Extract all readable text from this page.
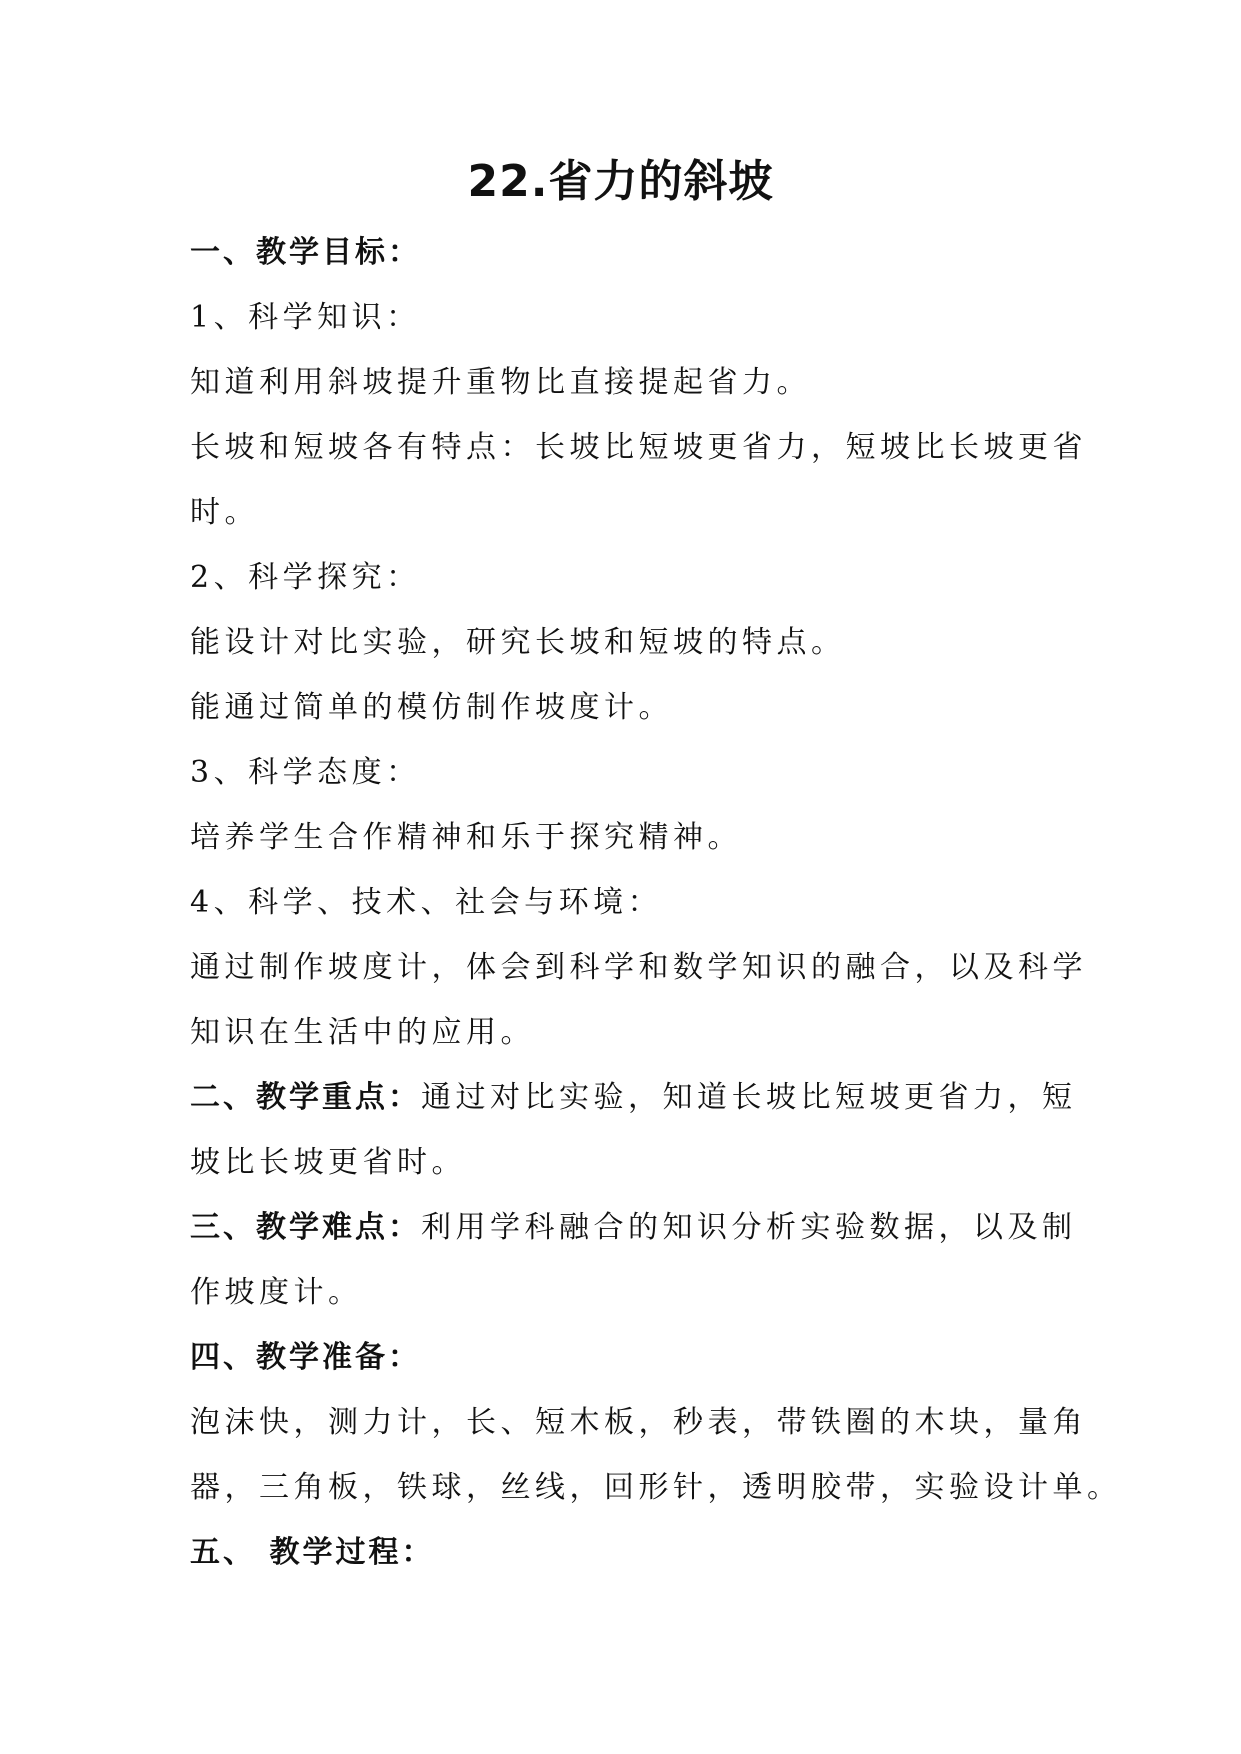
22.省力的斜坡
一、教学目标：
1、科学知识：
知道利用斜坡提升重物比直接提起省力。
长坡和短坡各有特点：长坡比短坡更省力，短坡比长坡更省
时。
2、科学探究：
能设计对比实验，研究长坡和短坡的特点。
能通过简单的模仿制作坡度计。
3、科学态度：
培养学生合作精神和乐于探究精神。
4、科学、技术、社会与环境：
通过制作坡度计，体会到科学和数学知识的融合，以及科学
知识在生活中的应用。
二、教学重点：通过对比实验，知道长坡比短坡更省力，短
坡比长坡更省时。
三、教学难点：利用学科融合的知识分析实验数据，以及制
作坡度计。
四、教学准备：
泡沫快，测力计，长、短木板，秒表，带铁圈的木块，量角
器，三角板，铁球，丝线，回形针，透明胶带，实验设计单。
五、 教学过程：
